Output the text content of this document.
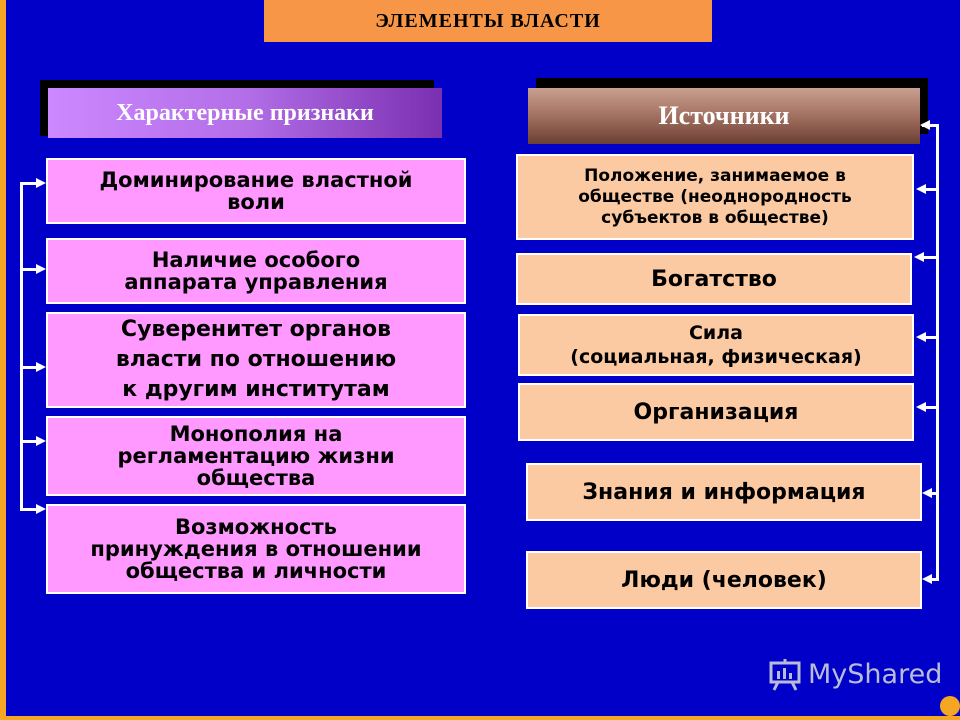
ЭЛЕМЕНТЫ ВЛАСТИ
Характерные признаки	Источники
Доминирование властной
воли
Наличие особого
аппарата управления
Суверенитет органов
власти по отношению
к другим институтам
Монополия на
регламентацию жизни
общества
Возможность
принуждения в отношении
общества и личности
Положение, занимаемое в
обществе (неоднородность
субъектов в обществе)
Богатство
Сила
(социальная, физическая)
Организация
Знания и информация
Люди (человек)
MyShared
